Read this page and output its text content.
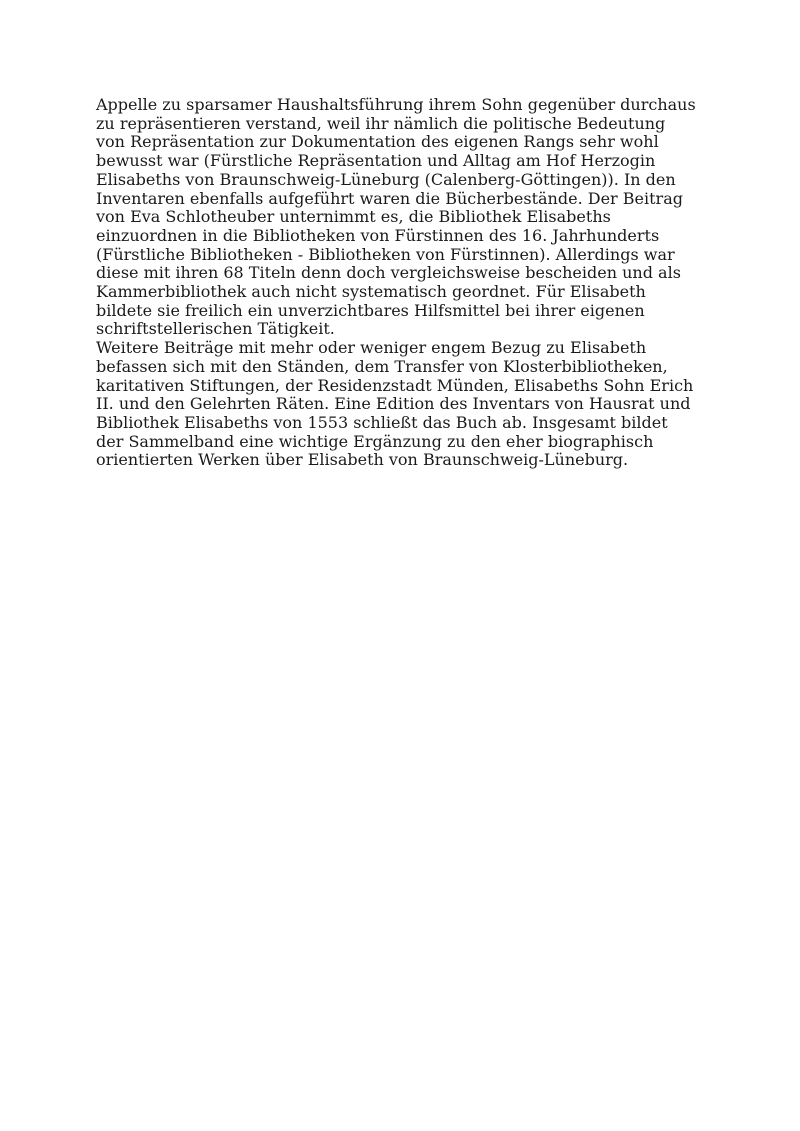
Appelle zu sparsamer Haushaltsführung ihrem Sohn gegenüber durchaus
zu repräsentieren verstand, weil ihr nämlich die politische Bedeutung
von Repräsentation zur Dokumentation des eigenen Rangs sehr wohl
bewusst war (Fürstliche Repräsentation und Alltag am Hof Herzogin
Elisabeths von Braunschweig-Lüneburg (Calenberg-Göttingen)). In den
Inventaren ebenfalls aufgeführt waren die Bücherbestände. Der Beitrag
von Eva Schlotheuber unternimmt es, die Bibliothek Elisabeths
einzuordnen in die Bibliotheken von Fürstinnen des 16. Jahrhunderts
(Fürstliche Bibliotheken - Bibliotheken von Fürstinnen). Allerdings war
diese mit ihren 68 Titeln denn doch vergleichsweise bescheiden und als
Kammerbibliothek auch nicht systematisch geordnet. Für Elisabeth
bildete sie freilich ein unverzichtbares Hilfsmittel bei ihrer eigenen
schriftstellerischen Tätigkeit.

Weitere Beiträge mit mehr oder weniger engem Bezug zu Elisabeth
befassen sich mit den Ständen, dem Transfer von Klosterbibliotheken,
karitativen Stiftungen, der Residenzstadt Münden, Elisabeths Sohn Erich
II. und den Gelehrten Räten. Eine Edition des Inventars von Hausrat und
Bibliothek Elisabeths von 1553 schließt das Buch ab. Insgesamt bildet
der Sammelband eine wichtige Ergänzung zu den eher biographisch
orientierten Werken über Elisabeth von Braunschweig-Lüneburg.
